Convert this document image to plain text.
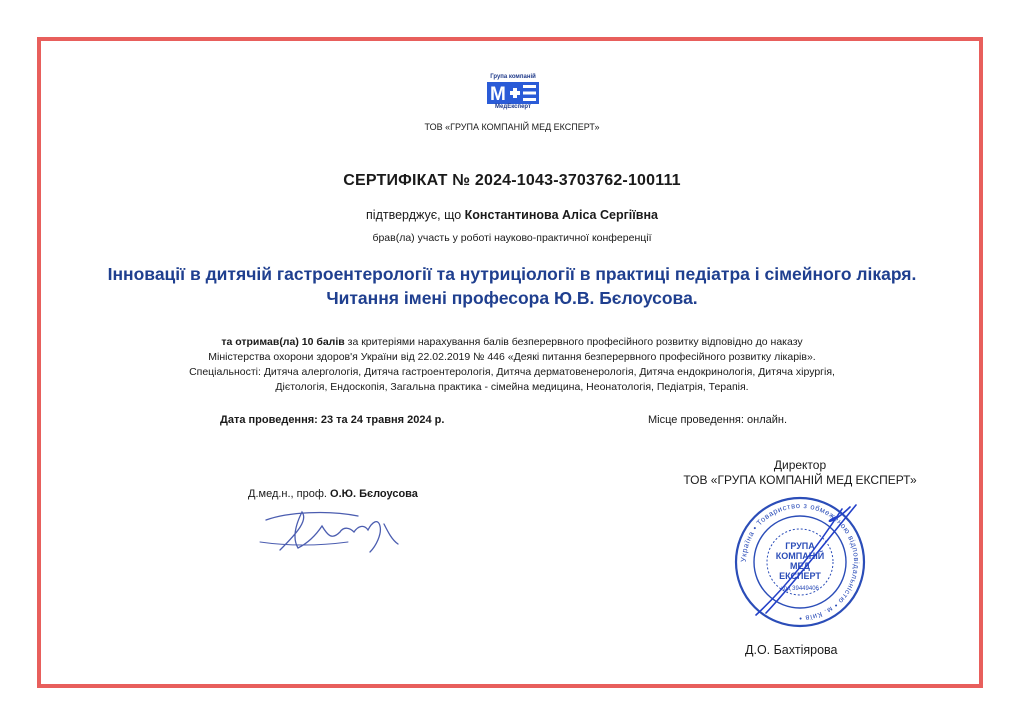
Група компаній
M
МедЕксперт
ТОВ «ГРУПА КОМПАНІЙ МЕД ЕКСПЕРТ»
СЕРТИФІКАТ № 2024-1043-3703762-100111
підтверджує, що Константинова Аліса Сергіївна
брав(ла) участь у роботі науково-практичної конференції
Інновації в дитячій гастроентерології та нутриціології в практиці педіатра і сімейного лікаря.
Читання імені професора Ю.В. Бєлоусова.
та отримав(ла) 10 балів за критеріями нарахування балів безперервного професійного розвитку відповідно до наказу
Міністерства охорони здоров'я України від 22.02.2019 № 446 «Деякі питання безперервного професійного розвитку лікарів».
Спеціальності: Дитяча алергологія, Дитяча гастроентерологія, Дитяча дерматовенерологія, Дитяча ендокринологія, Дитяча хірургія,
Дієтологія, Ендоскопія, Загальна практика - сімейна медицина, Неонатологія, Педіатрія, Терапія.
Дата проведення: 23 та 24 травня 2024 р.	Місце проведення: онлайн.
Д.мед.н., проф. О.Ю. Бєлоусова
Директор
ТОВ «ГРУПА КОМПАНІЙ МЕД ЕКСПЕРТ»
Україна • Товариство з обмеженою відповідальністю • м. Київ •
ГРУПА
КОМПАНІЙ
МЕД
ЕКСПЕРТ
код 39449406
Д.О. Бахтіярова
